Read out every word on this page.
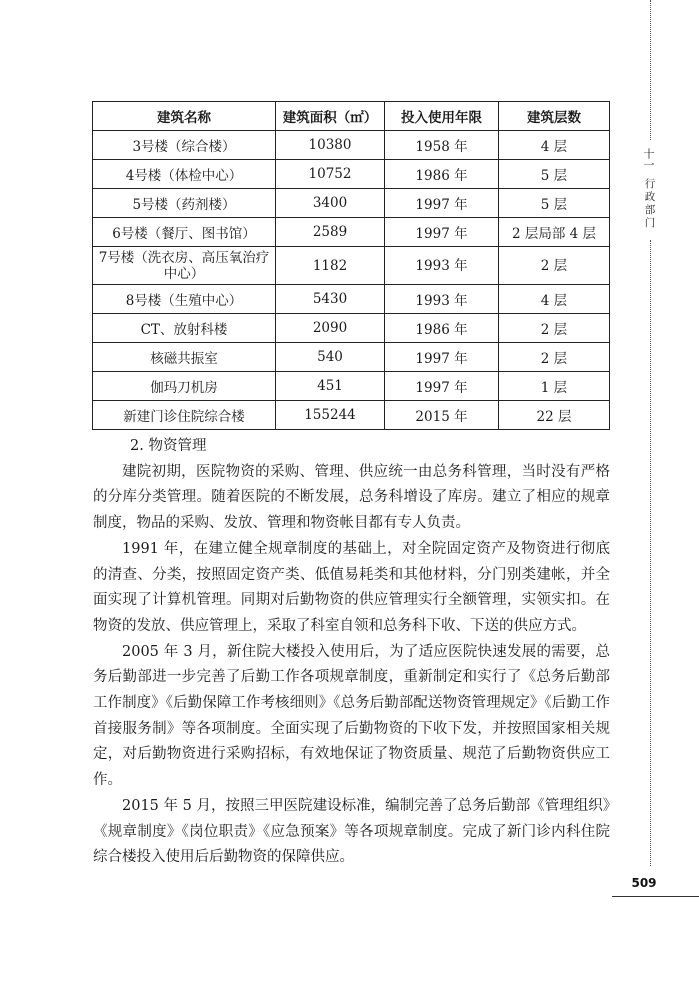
十一
行政部门
建筑名称	建筑面积（㎡）	投入使用年限	建筑层数
3号楼（综合楼）	10380	1958 年	4 层
4号楼（体检中心）	10752	1986 年	5 层
5号楼（药剂楼）	3400	1997 年	5 层
6号楼（餐厅、图书馆）	2589	1997 年	2 层局部 4 层
7号楼（洗衣房、高压氧治疗中心）	1182	1993 年	2 层
8号楼（生殖中心）	5430	1993 年	4 层
CT、放射科楼	2090	1986 年	2 层
核磁共振室	540	1997 年	2 层
伽玛刀机房	451	1997 年	1 层
新建门诊住院综合楼	155244	2015 年	22 层
2. 物资管理

建院初期，医院物资的采购、管理、供应统一由总务科管理，当时没有严格的分库分类管理。随着医院的不断发展，总务科增设了库房。建立了相应的规章制度，物品的采购、发放、管理和物资帐目都有专人负责。

1991 年，在建立健全规章制度的基础上，对全院固定资产及物资进行彻底的清查、分类，按照固定资产类、低值易耗类和其他材料，分门别类建帐，并全面实现了计算机管理。同期对后勤物资的供应管理实行全额管理，实领实扣。在物资的发放、供应管理上，采取了科室自领和总务科下收、下送的供应方式。

2005 年 3 月，新住院大楼投入使用后，为了适应医院快速发展的需要，总务后勤部进一步完善了后勤工作各项规章制度，重新制定和实行了《总务后勤部工作制度》《后勤保障工作考核细则》《总务后勤部配送物资管理规定》《后勤工作首接服务制》等各项制度。全面实现了后勤物资的下收下发，并按照国家相关规定，对后勤物资进行采购招标，有效地保证了物资质量、规范了后勤物资供应工作。

2015 年 5 月，按照三甲医院建设标准，编制完善了总务后勤部《管理组织》《规章制度》《岗位职责》《应急预案》等各项规章制度。完成了新门诊内科住院综合楼投入使用后后勤物资的保障供应。

509
